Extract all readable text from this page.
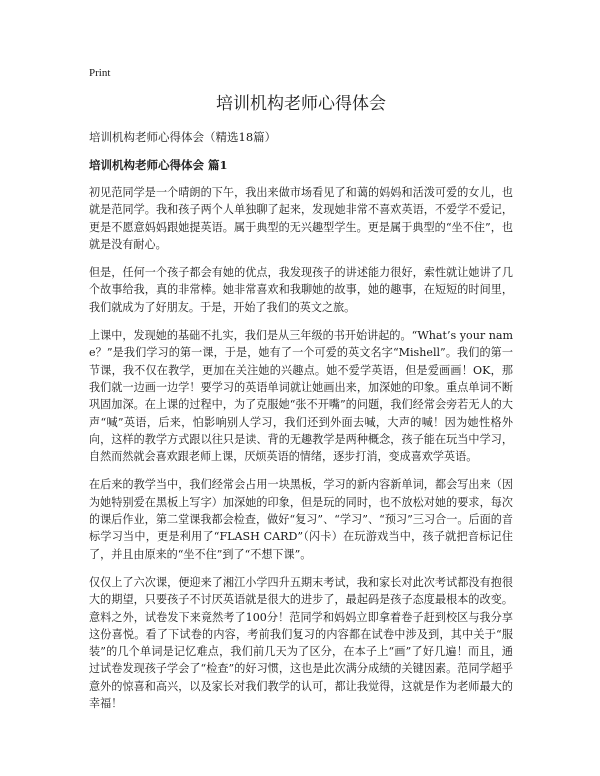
Print
培训机构老师心得体会
培训机构老师心得体会（精选18篇）
培训机构老师心得体会 篇1

初见范同学是一个晴朗的下午，我出来做市场看见了和蔼的妈妈和活泼可爱的女儿，也就是范同学。我和孩子两个人单独聊了起来，发现她非常不喜欢英语，不爱学不爱记，更是不愿意妈妈跟她提英语。属于典型的无兴趣型学生。更是属于典型的“坐不住”，也就是没有耐心。

但是，任何一个孩子都会有她的优点，我发现孩子的讲述能力很好，索性就让她讲了几个故事给我，真的非常棒。她非常喜欢和我聊她的故事，她的趣事，在短短的时间里，我们就成为了好朋友。于是，开始了我们的英文之旅。

上课中，发现她的基础不扎实，我们是从三年级的书开始讲起的。“What’s your name？”是我们学习的第一课，于是，她有了一个可爱的英文名字“Mishell”。我们的第一节课，我不仅在教学，更加在关注她的兴趣点。她不爱学英语，但是爱画画！OK，那我们就一边画一边学！要学习的英语单词就让她画出来，加深她的印象。重点单词不断巩固加深。在上课的过程中，为了克服她“张不开嘴”的问题，我们经常会旁若无人的大声“喊”英语，后来，怕影响别人学习，我们还到外面去喊，大声的喊！因为她性格外向，这样的教学方式跟以往只是读、背的无趣教学是两种概念，孩子能在玩当中学习，自然而然就会喜欢跟老师上课，厌烦英语的情绪，逐步打消，变成喜欢学英语。

在后来的教学当中，我们经常会占用一块黑板，学习的新内容新单词，都会写出来（因为她特别爱在黑板上写字）加深她的印象，但是玩的同时，也不放松对她的要求，每次的课后作业，第二堂课我都会检查，做好“复习”、“学习”、“预习”三习合一。后面的音标学习当中，更是利用了“FLASH CARD”（闪卡）在玩游戏当中，孩子就把音标记住了，并且由原来的“坐不住”到了“不想下课”。

仅仅上了六次课，便迎来了湘江小学四升五期末考试，我和家长对此次考试都没有抱很大的期望，只要孩子不讨厌英语就是很大的进步了，最起码是孩子态度最根本的改变。意料之外，试卷发下来竟然考了100分！范同学和妈妈立即拿着卷子赶到校区与我分享这份喜悦。看了下试卷的内容，考前我们复习的内容都在试卷中涉及到，其中关于“服装”的几个单词是记忆难点，我们前几天为了区分，在本子上“画”了好几遍！而且，通过试卷发现孩子学会了“检查”的好习惯，这也是此次满分成绩的关键因素。范同学超乎意外的惊喜和高兴，以及家长对我们教学的认可，都让我觉得，这就是作为老师最大的幸福！
